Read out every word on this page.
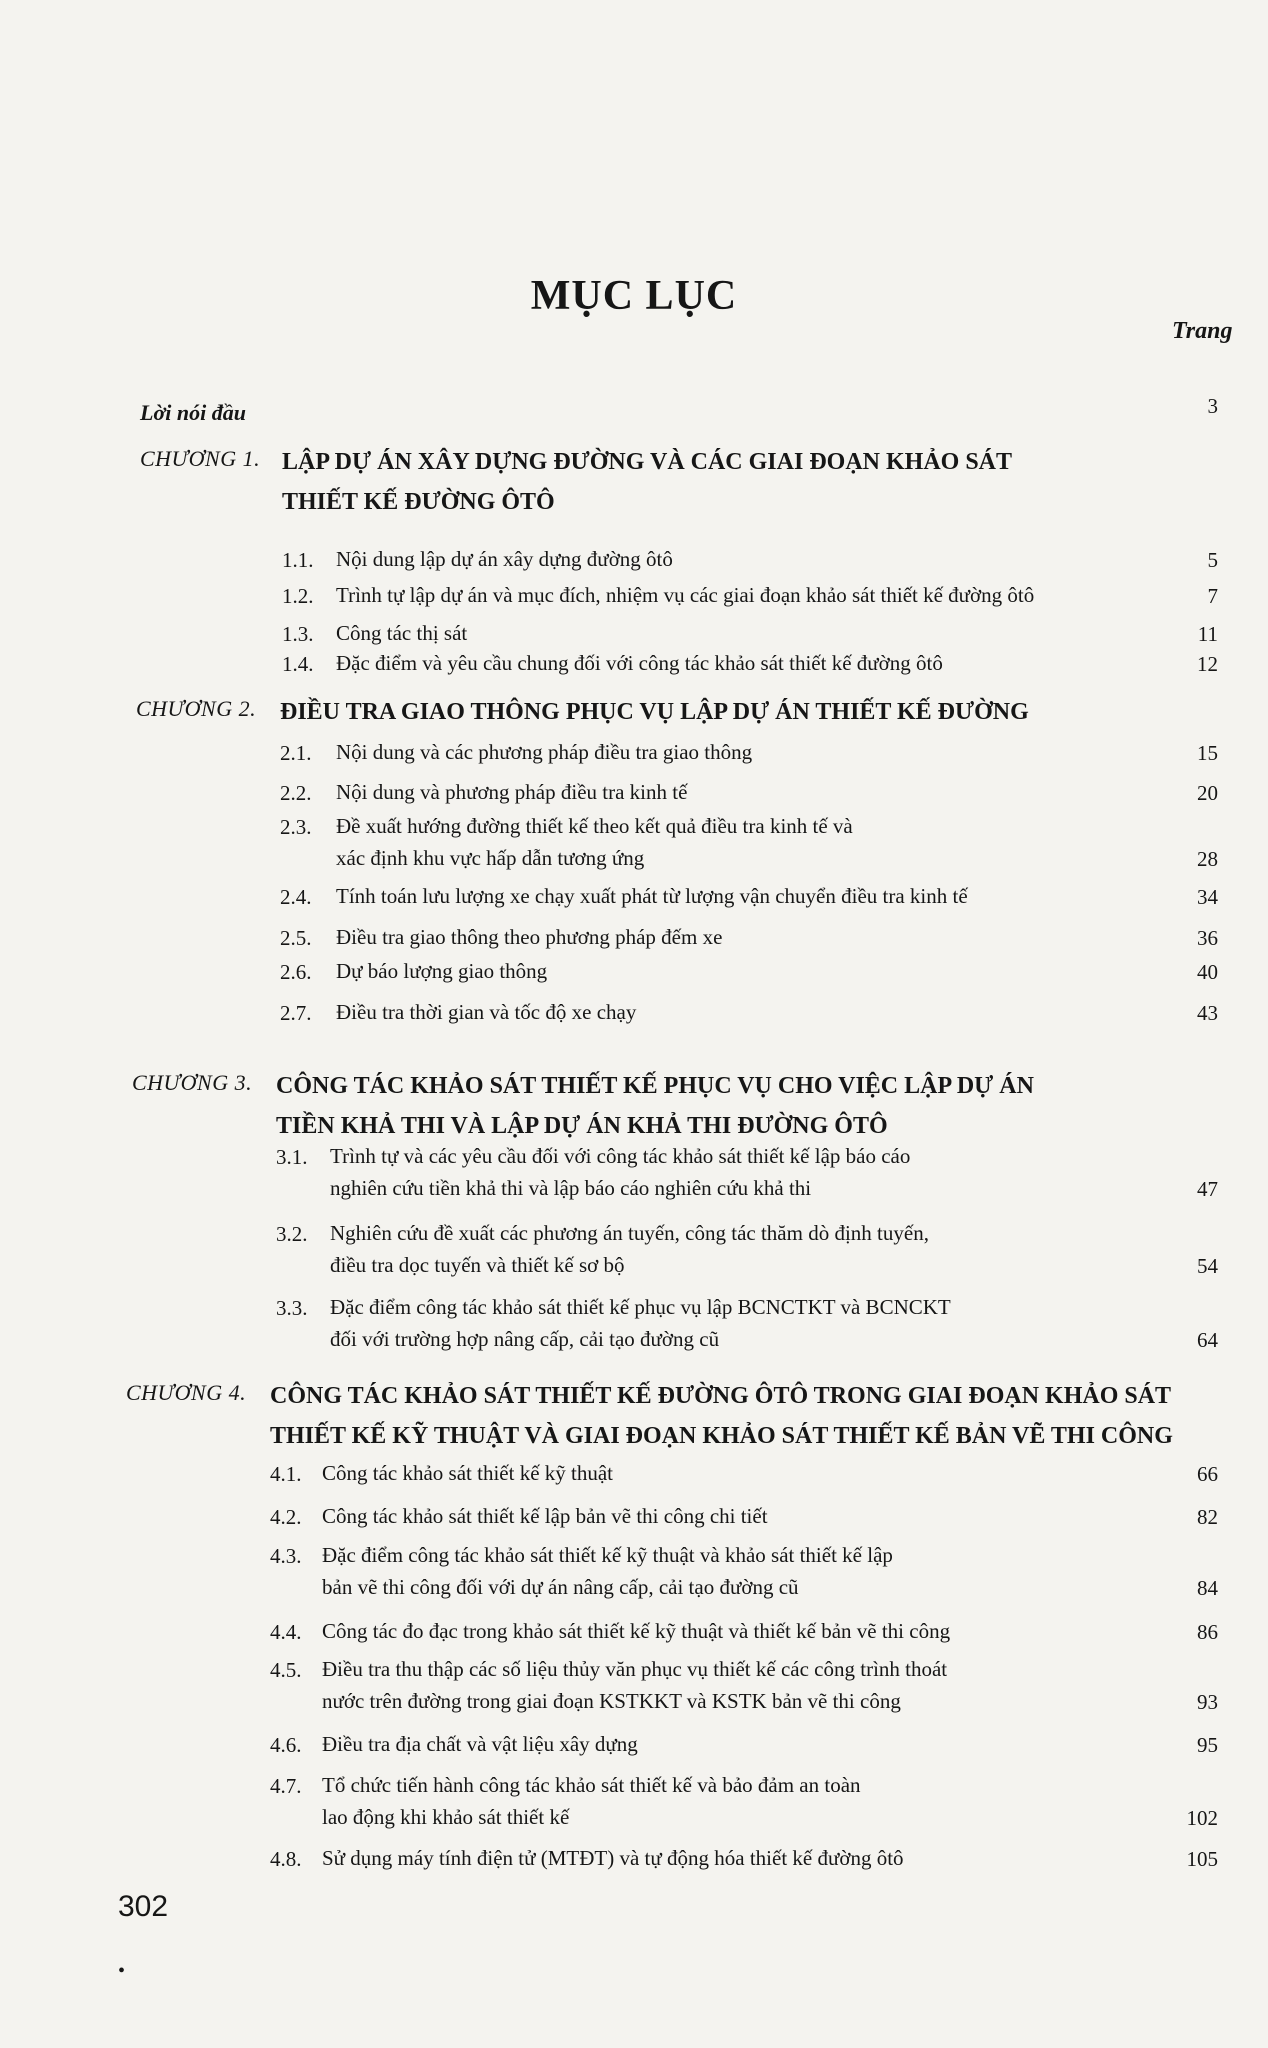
MỤC LỤC
Trang
Lời nói đầu	3
CHƯƠNG 1. LẬP DỰ ÁN XÂY DỰNG ĐƯỜNG VÀ CÁC GIAI ĐOẠN KHẢO SÁT
THIẾT KẾ ĐƯỜNG ÔTÔ
1.1. Nội dung lập dự án xây dựng đường ôtô	5
1.2. Trình tự lập dự án và mục đích, nhiệm vụ các giai đoạn khảo sát thiết kế đường ôtô	7
1.3. Công tác thị sát	11
1.4. Đặc điểm và yêu cầu chung đối với công tác khảo sát thiết kế đường ôtô	12
CHƯƠNG 2. ĐIỀU TRA GIAO THÔNG PHỤC VỤ LẬP DỰ ÁN THIẾT KẾ ĐƯỜNG
2.1. Nội dung và các phương pháp điều tra giao thông	15
2.2. Nội dung và phương pháp điều tra kinh tế	20
2.3. Đề xuất hướng đường thiết kế theo kết quả điều tra kinh tế và
xác định khu vực hấp dẫn tương ứng	28
2.4. Tính toán lưu lượng xe chạy xuất phát từ lượng vận chuyển điều tra kinh tế	34
2.5. Điều tra giao thông theo phương pháp đếm xe	36
2.6. Dự báo lượng giao thông	40
2.7. Điều tra thời gian và tốc độ xe chạy	43
CHƯƠNG 3. CÔNG TÁC KHẢO SÁT THIẾT KẾ PHỤC VỤ CHO VIỆC LẬP DỰ ÁN
TIỀN KHẢ THI VÀ LẬP DỰ ÁN KHẢ THI ĐƯỜNG ÔTÔ
3.1. Trình tự và các yêu cầu đối với công tác khảo sát thiết kế lập báo cáo
nghiên cứu tiền khả thi và lập báo cáo nghiên cứu khả thi	47
3.2. Nghiên cứu đề xuất các phương án tuyến, công tác thăm dò định tuyến,
điều tra dọc tuyến và thiết kế sơ bộ	54
3.3. Đặc điểm công tác khảo sát thiết kế phục vụ lập BCNCTKT và BCNCKT
đối với trường hợp nâng cấp, cải tạo đường cũ	64
CHƯƠNG 4. CÔNG TÁC KHẢO SÁT THIẾT KẾ ĐƯỜNG ÔTÔ TRONG GIAI ĐOẠN KHẢO SÁT
THIẾT KẾ KỸ THUẬT VÀ GIAI ĐOẠN KHẢO SÁT THIẾT KẾ BẢN VẼ THI CÔNG
4.1. Công tác khảo sát thiết kế kỹ thuật	66
4.2. Công tác khảo sát thiết kế lập bản vẽ thi công chi tiết	82
4.3. Đặc điểm công tác khảo sát thiết kế kỹ thuật và khảo sát thiết kế lập
bản vẽ thi công đối với dự án nâng cấp, cải tạo đường cũ	84
4.4. Công tác đo đạc trong khảo sát thiết kế kỹ thuật và thiết kế bản vẽ thi công	86
4.5. Điều tra thu thập các số liệu thủy văn phục vụ thiết kế các công trình thoát
nước trên đường trong giai đoạn KSTKKT và KSTK bản vẽ thi công	93
4.6. Điều tra địa chất và vật liệu xây dựng	95
4.7. Tổ chức tiến hành công tác khảo sát thiết kế và bảo đảm an toàn
lao động khi khảo sát thiết kế	102
4.8. Sử dụng máy tính điện tử (MTĐT) và tự động hóa thiết kế đường ôtô	105
302
•
